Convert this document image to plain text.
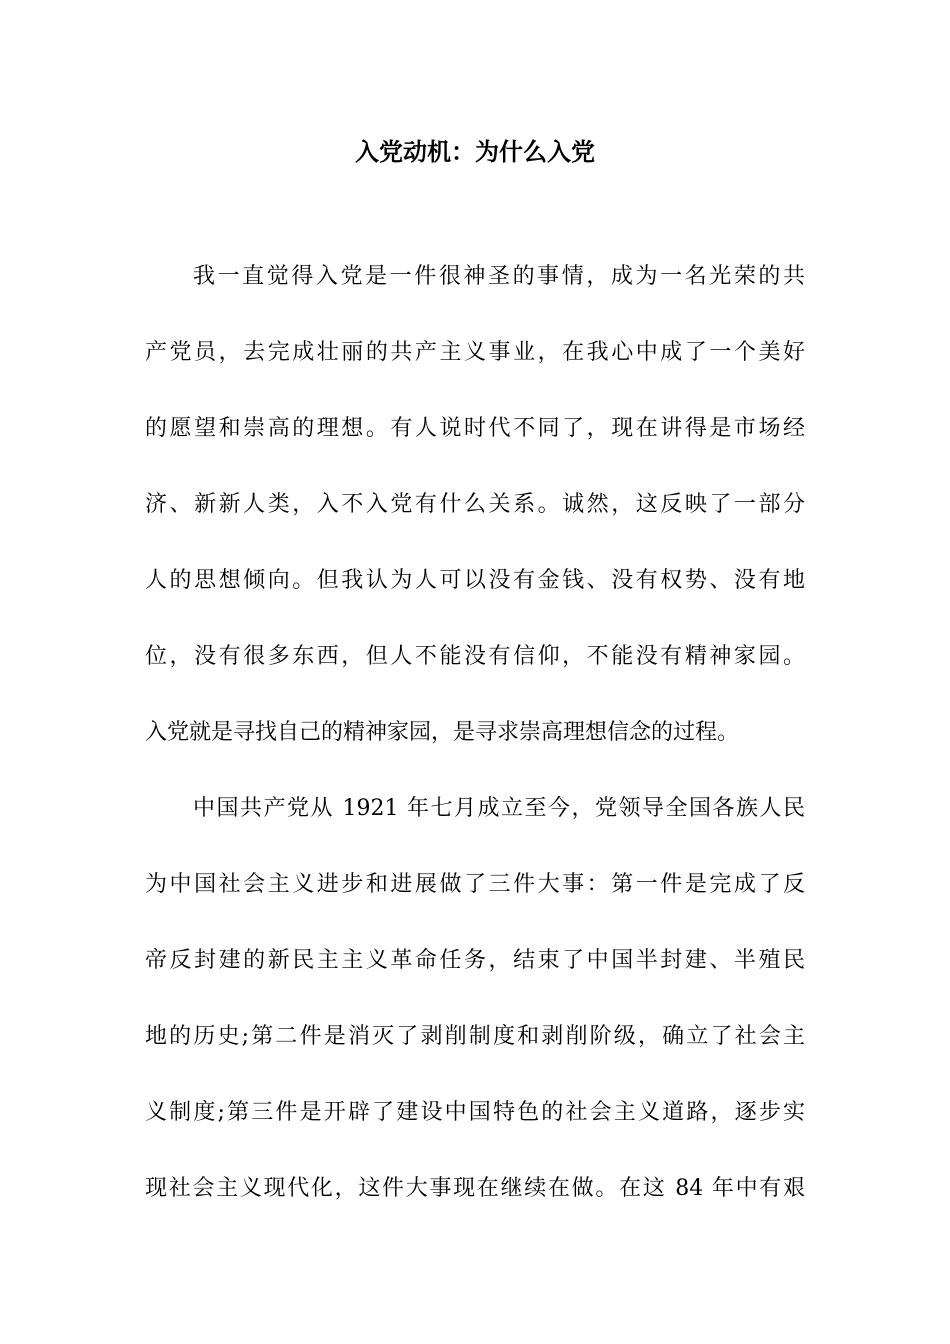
入党动机：为什么入党

我一直觉得入党是一件很神圣的事情，成为一名光荣的共

产党员，去完成壮丽的共产主义事业，在我心中成了一个美好

的愿望和崇高的理想。有人说时代不同了，现在讲得是市场经

济、新新人类，入不入党有什么关系。诚然，这反映了一部分

人的思想倾向。但我认为人可以没有金钱、没有权势、没有地

位，没有很多东西，但人不能没有信仰，不能没有精神家园。

入党就是寻找自己的精神家园，是寻求崇高理想信念的过程。

中国共产党从 1921 年七月成立至今，党领导全国各族人民

为中国社会主义进步和进展做了三件大事：第一件是完成了反

帝反封建的新民主主义革命任务，结束了中国半封建、半殖民

地的历史;第二件是消灭了剥削制度和剥削阶级，确立了社会主

义制度;第三件是开辟了建设中国特色的社会主义道路，逐步实

现社会主义现代化，这件大事现在继续在做。在这 84 年中有艰
